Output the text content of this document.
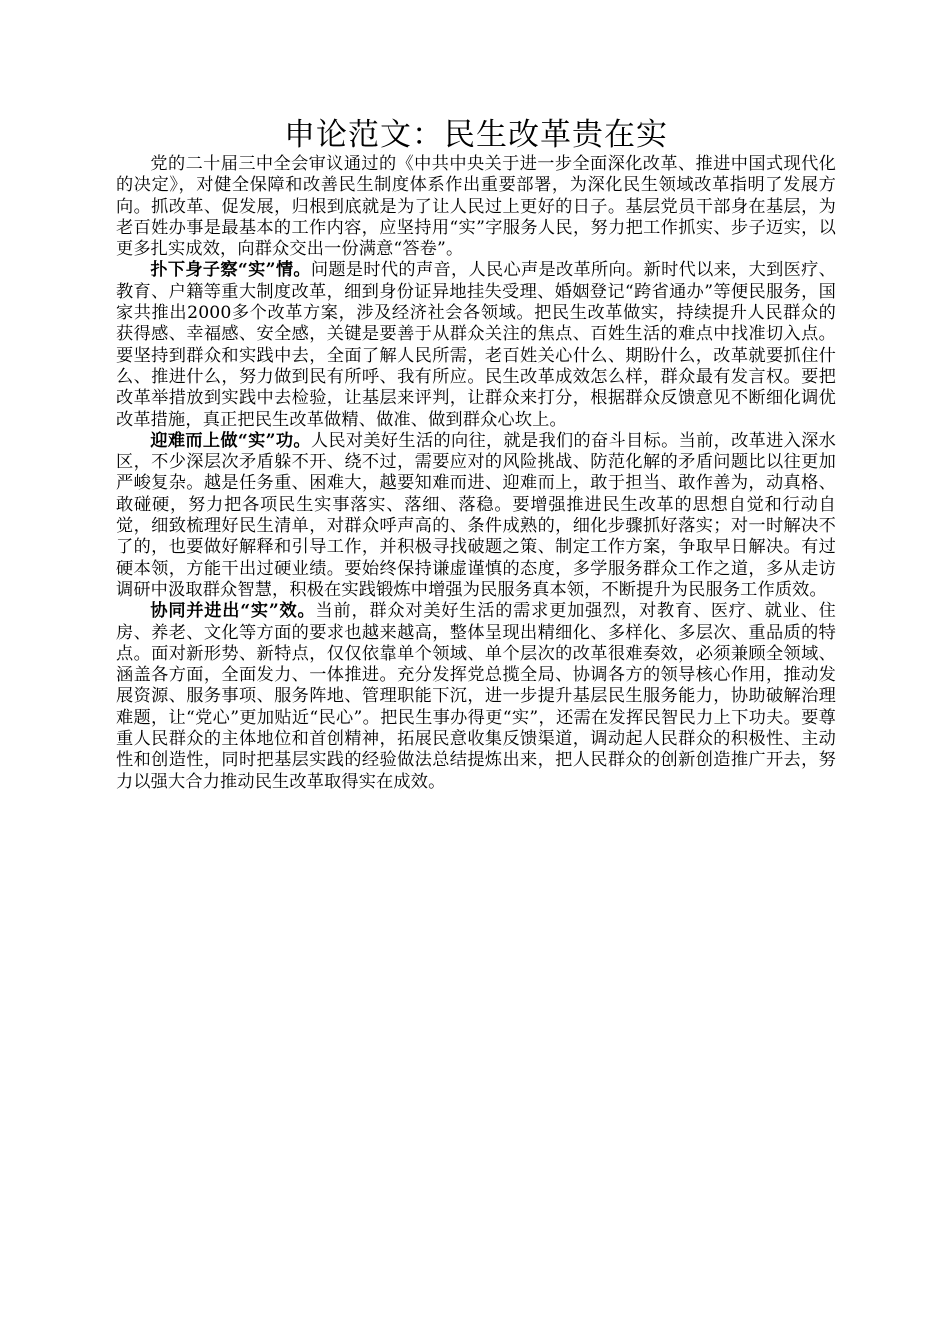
申论范文：民生改革贵在实

党的二十届三中全会审议通过的《中共中央关于进一步全面深化改革、推进中国式现代化的决定》，对健全保障和改善民生制度体系作出重要部署，为深化民生领域改革指明了发展方向。抓改革、促发展，归根到底就是为了让人民过上更好的日子。基层党员干部身在基层，为老百姓办事是最基本的工作内容，应坚持用“实”字服务人民，努力把工作抓实、步子迈实，以更多扎实成效，向群众交出一份满意“答卷”。

扑下身子察“实”情。问题是时代的声音，人民心声是改革所向。新时代以来，大到医疗、教育、户籍等重大制度改革，细到身份证异地挂失受理、婚姻登记“跨省通办”等便民服务，国家共推出2000多个改革方案，涉及经济社会各领域。把民生改革做实，持续提升人民群众的获得感、幸福感、安全感，关键是要善于从群众关注的焦点、百姓生活的难点中找准切入点。要坚持到群众和实践中去，全面了解人民所需，老百姓关心什么、期盼什么，改革就要抓住什么、推进什么，努力做到民有所呼、我有所应。民生改革成效怎么样，群众最有发言权。要把改革举措放到实践中去检验，让基层来评判，让群众来打分，根据群众反馈意见不断细化调优改革措施，真正把民生改革做精、做准、做到群众心坎上。

迎难而上做“实”功。人民对美好生活的向往，就是我们的奋斗目标。当前，改革进入深水区，不少深层次矛盾躲不开、绕不过，需要应对的风险挑战、防范化解的矛盾问题比以往更加严峻复杂。越是任务重、困难大，越要知难而进、迎难而上，敢于担当、敢作善为，动真格、敢碰硬，努力把各项民生实事落实、落细、落稳。要增强推进民生改革的思想自觉和行动自觉，细致梳理好民生清单，对群众呼声高的、条件成熟的，细化步骤抓好落实；对一时解决不了的，也要做好解释和引导工作，并积极寻找破题之策、制定工作方案，争取早日解决。有过硬本领，方能干出过硬业绩。要始终保持谦虚谨慎的态度，多学服务群众工作之道，多从走访调研中汲取群众智慧，积极在实践锻炼中增强为民服务真本领，不断提升为民服务工作质效。

协同并进出“实”效。当前，群众对美好生活的需求更加强烈，对教育、医疗、就业、住房、养老、文化等方面的要求也越来越高，整体呈现出精细化、多样化、多层次、重品质的特点。面对新形势、新特点，仅仅依靠单个领域、单个层次的改革很难奏效，必须兼顾全领域、涵盖各方面，全面发力、一体推进。充分发挥党总揽全局、协调各方的领导核心作用，推动发展资源、服务事项、服务阵地、管理职能下沉，进一步提升基层民生服务能力，协助破解治理难题，让“党心”更加贴近“民心”。把民生事办得更“实”，还需在发挥民智民力上下功夫。要尊重人民群众的主体地位和首创精神，拓展民意收集反馈渠道，调动起人民群众的积极性、主动性和创造性，同时把基层实践的经验做法总结提炼出来，把人民群众的创新创造推广开去，努力以强大合力推动民生改革取得实在成效。
